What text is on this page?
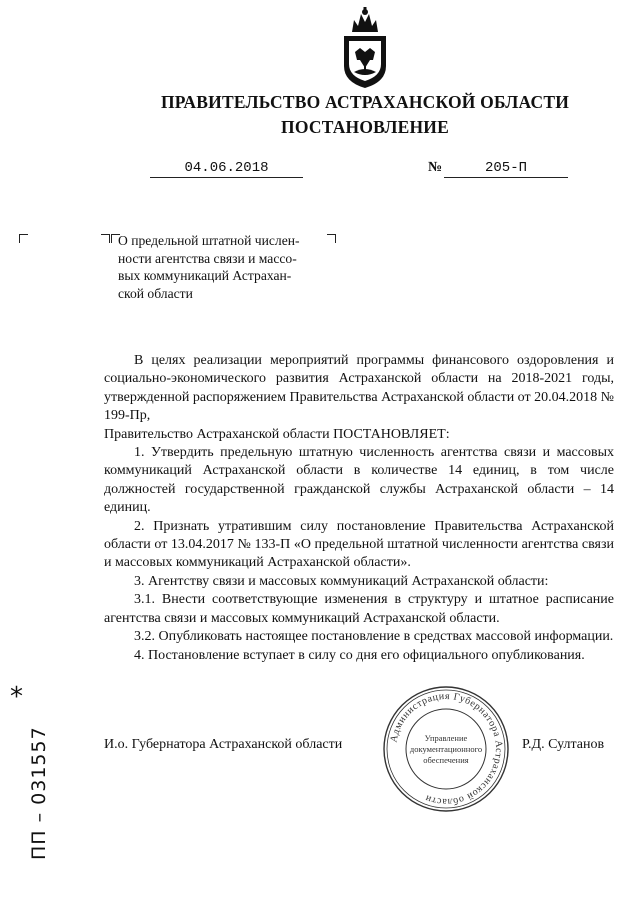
ПРАВИТЕЛЬСТВО АСТРАХАНСКОЙ ОБЛАСТИ
ПОСТАНОВЛЕНИЕ
04.06.2018	№	205-П
О предельной штатной числен-
ности агентства связи и массо-
вых коммуникаций Астрахан-
ской области

В целях реализации мероприятий программы финансового оздоровления и социально-экономического развития Астраханской области на 2018-2021 годы, утвержденной распоряжением Правительства Астраханской области от 20.04.2018 № 199-Пр,

Правительство Астраханской области ПОСТАНОВЛЯЕТ:

1. Утвердить предельную штатную численность агентства связи и массовых коммуникаций Астраханской области в количестве 14 единиц, в том числе должностей государственной гражданской службы Астраханской области – 14 единиц.

2. Признать утратившим силу постановление Правительства Астраханской области от 13.04.2017 № 133-П «О предельной штатной численности агентства связи и массовых коммуникаций Астраханской области».

3. Агентству связи и массовых коммуникаций Астраханской области:

3.1. Внести соответствующие изменения в структуру и штатное расписание агентства связи и массовых коммуникаций Астраханской области.

3.2. Опубликовать настоящее постановление в средствах массовой информации.

4. Постановление вступает в силу со дня его официального опубликования.

И.о. Губернатора Астраханской области	Р.Д. Султанов
Администрация Губернатора Астраханской области
Управление
документационного
обеспечения
*
ПП – 031557
